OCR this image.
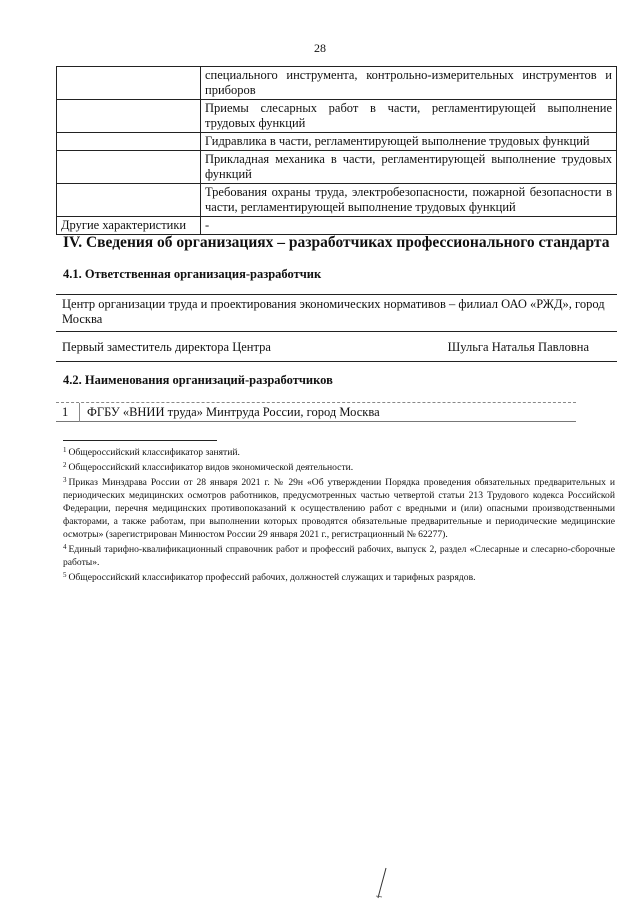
28
	специального инструмента, контрольно-измерительных инструментов и приборов
	Приемы слесарных работ в части, регламентирующей выполнение трудовых функций
	Гидравлика в части, регламентирующей выполнение трудовых функций
	Прикладная механика в части, регламентирующей выполнение трудовых функций
	Требования охраны труда, электробезопасности, пожарной безопасности в части, регламентирующей выполнение трудовых функций
Другие характеристики	-
IV. Сведения об организациях – разработчиках профессионального стандарта
4.1. Ответственная организация-разработчик
Центр организации труда и проектирования экономических нормативов – филиал ОАО «РЖД», город Москва
Первый заместитель директора Центра	Шульга Наталья Павловна
4.2. Наименования организаций-разработчиков
1 ФГБУ «ВНИИ труда» Минтруда России, город Москва

$^1$ Общероссийский классификатор занятий.

$^2$ Общероссийский классификатор видов экономической деятельности.

$^3$ Приказ Минздрава России от 28 января 2021 г. № 29н «Об утверждении Порядка проведения обязательных предварительных и периодических медицинских осмотров работников, предусмотренных частью четвертой статьи 213 Трудового кодекса Российской Федерации, перечня медицинских противопоказаний к осуществлению работ с вредными и (или) опасными производственными факторами, а также работам, при выполнении которых проводятся обязательные предварительные и периодические медицинские осмотры» (зарегистрирован Минюстом России 29 января 2021 г., регистрационный № 62277).

$^4$ Единый тарифно-квалификационный справочник работ и профессий рабочих, выпуск 2, раздел «Слесарные и слесарно-сборочные работы».

$^5$ Общероссийский классификатор профессий рабочих, должностей служащих и тарифных разрядов.
